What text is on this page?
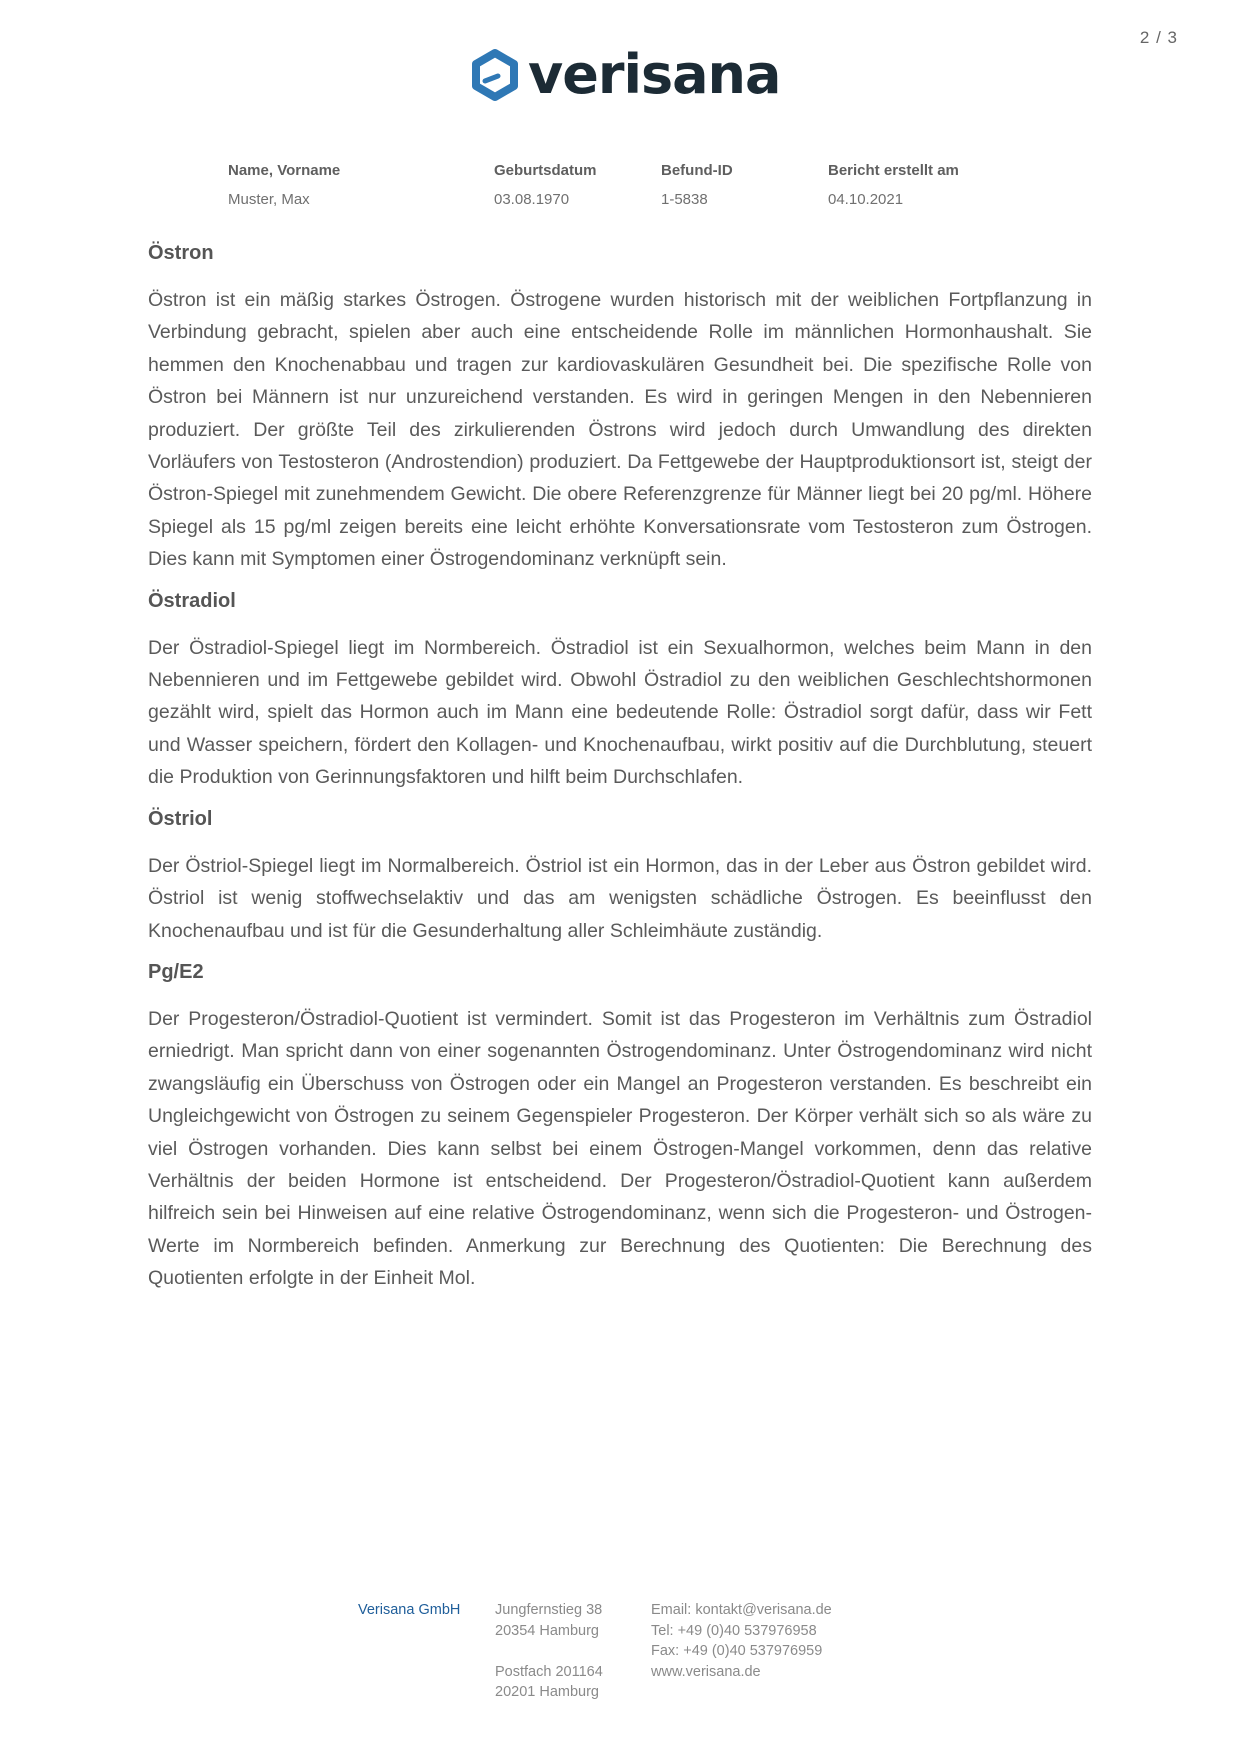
2 / 3
verisana
Name, Vorname
Muster, Max
Geburtsdatum
03.08.1970
Befund-ID
1-5838
Bericht erstellt am
04.10.2021
Östron

Östron ist ein mäßig starkes Östrogen. Östrogene wurden historisch mit der weiblichen Fortpflanzung in Verbindung gebracht, spielen aber auch eine entscheidende Rolle im männlichen Hormonhaushalt. Sie hemmen den Knochenabbau und tragen zur kardiovaskulären Gesundheit bei. Die spezifische Rolle von Östron bei Männern ist nur unzureichend verstanden. Es wird in geringen Mengen in den Nebennieren produziert. Der größte Teil des zirkulierenden Östrons wird jedoch durch Umwandlung des direkten Vorläufers von Testosteron (Androstendion) produziert. Da Fettgewebe der Hauptproduktionsort ist, steigt der Östron-Spiegel mit zunehmendem Gewicht. Die obere Referenzgrenze für Männer liegt bei 20 pg/ml. Höhere Spiegel als 15 pg/ml zeigen bereits eine leicht erhöhte Konversationsrate vom Testosteron zum Östrogen. Dies kann mit Symptomen einer Östrogendominanz verknüpft sein.

Östradiol

Der Östradiol-Spiegel liegt im Normbereich. Östradiol ist ein Sexualhormon, welches beim Mann in den Nebennieren und im Fettgewebe gebildet wird. Obwohl Östradiol zu den weiblichen Geschlechtshormonen gezählt wird, spielt das Hormon auch im Mann eine bedeutende Rolle: Östradiol sorgt dafür, dass wir Fett und Wasser speichern, fördert den Kollagen- und Knochenaufbau, wirkt positiv auf die Durchblutung, steuert die Produktion von Gerinnungsfaktoren und hilft beim Durchschlafen.

Östriol

Der Östriol-Spiegel liegt im Normalbereich. Östriol ist ein Hormon, das in der Leber aus Östron gebildet wird. Östriol ist wenig stoffwechselaktiv und das am wenigsten schädliche Östrogen. Es beeinflusst den Knochenaufbau und ist für die Gesunderhaltung aller Schleimhäute zuständig.

Pg/E2

Der Progesteron/Östradiol-Quotient ist vermindert. Somit ist das Progesteron im Verhältnis zum Östradiol erniedrigt. Man spricht dann von einer sogenannten Östrogendominanz. Unter Östrogendominanz wird nicht zwangsläufig ein Überschuss von Östrogen oder ein Mangel an Progesteron verstanden. Es beschreibt ein Ungleichgewicht von Östrogen zu seinem Gegenspieler Progesteron. Der Körper verhält sich so als wäre zu viel Östrogen vorhanden. Dies kann selbst bei einem Östrogen-Mangel vorkommen, denn das relative Verhältnis der beiden Hormone ist entscheidend. Der Progesteron/Östradiol-Quotient kann außerdem hilfreich sein bei Hinweisen auf eine relative Östrogendominanz, wenn sich die Progesteron- und Östrogen-Werte im Normbereich befinden. Anmerkung zur Berechnung des Quotienten: Die Berechnung des Quotienten erfolgte in der Einheit Mol.

Verisana GmbH Jungfernstieg 38
20354 Hamburg
Postfach 201164
20201 Hamburg
Email: kontakt@verisana.de
Tel: +49 (0)40 537976958
Fax: +49 (0)40 537976959
www.verisana.de
